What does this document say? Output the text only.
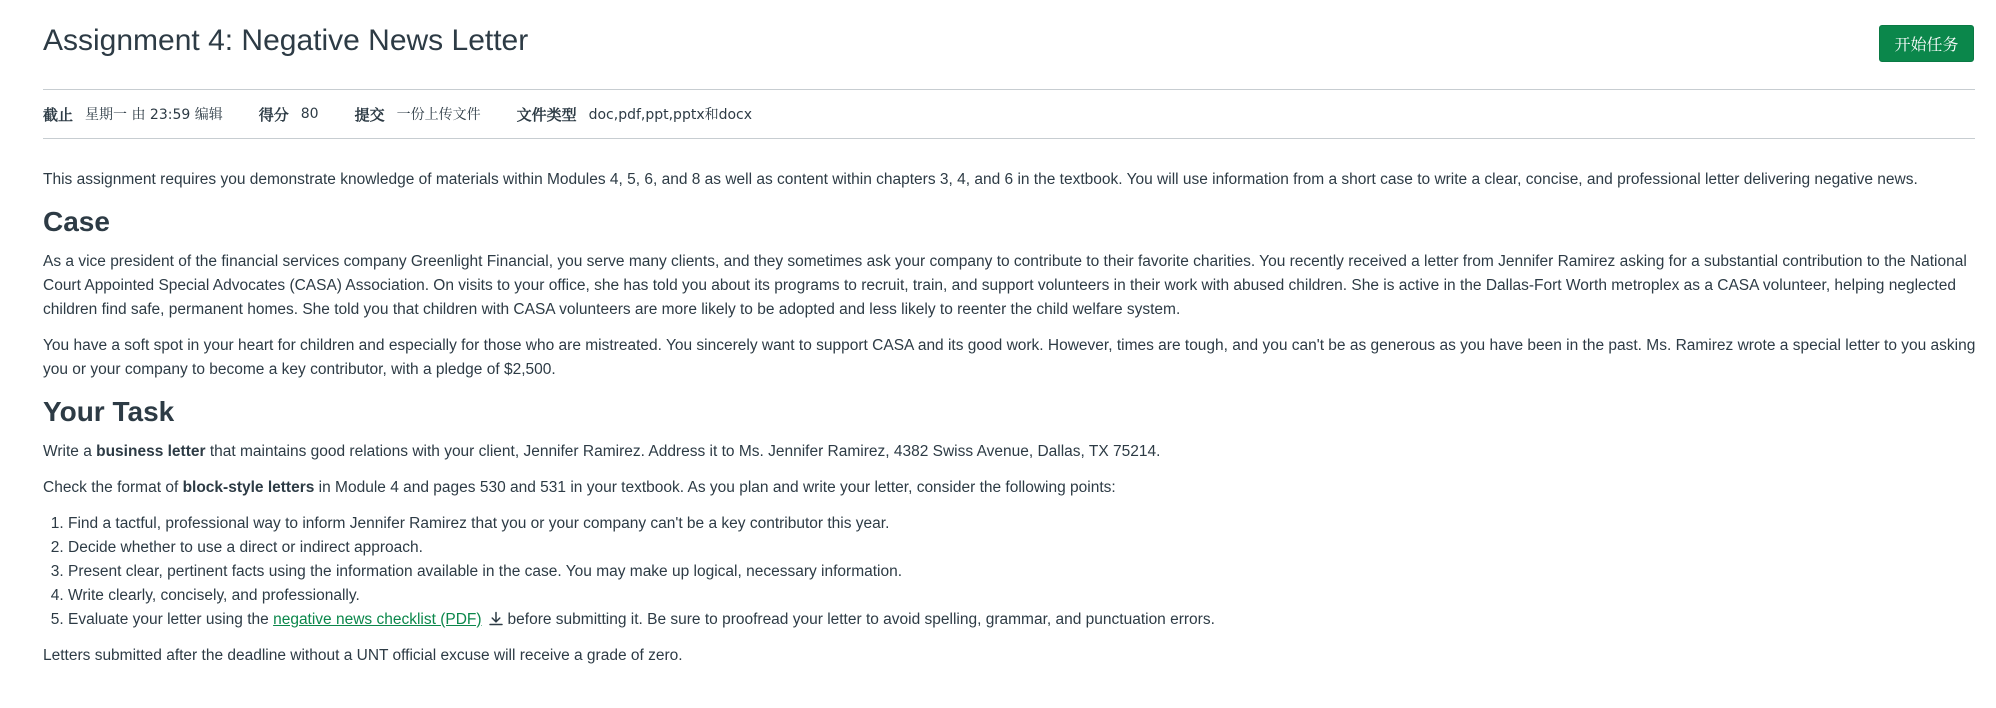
Assignment 4: Negative News Letter	开始任务
截止 星期一 由 23:59 编辑 得分 80 提交 一份上传文件 文件类型 doc,pdf,ppt,pptx和docx

This assignment requires you demonstrate knowledge of materials within Modules 4, 5, 6, and 8 as well as content within chapters 3, 4, and 6 in the textbook. You will use information from a short case to write a clear, concise, and professional letter delivering negative news.

Case

As a vice president of the financial services company Greenlight Financial, you serve many clients, and they sometimes ask your company to contribute to their favorite charities. You recently received a letter from Jennifer Ramirez asking for a substantial contribution to the National Court Appointed Special Advocates (CASA) Association. On visits to your office, she has told you about its programs to recruit, train, and support volunteers in their work with abused children. She is active in the Dallas-Fort Worth metroplex as a CASA volunteer, helping neglected children find safe, permanent homes. She told you that children with CASA volunteers are more likely to be adopted and less likely to reenter the child welfare system.

You have a soft spot in your heart for children and especially for those who are mistreated. You sincerely want to support CASA and its good work. However, times are tough, and you can't be as generous as you have been in the past. Ms. Ramirez wrote a special letter to you asking you or your company to become a key contributor, with a pledge of $2,500.

Your Task

Write a business letter that maintains good relations with your client, Jennifer Ramirez. Address it to Ms. Jennifer Ramirez, 4382 Swiss Avenue, Dallas, TX 75214.

Check the format of block-style letters in Module 4 and pages 530 and 531 in your textbook. As you plan and write your letter, consider the following points:

1. Find a tactful, professional way to inform Jennifer Ramirez that you or your company can't be a key contributor this year.
2. Decide whether to use a direct or indirect approach.
3. Present clear, pertinent facts using the information available in the case. You may make up logical, necessary information.
4. Write clearly, concisely, and professionally.
5. Evaluate your letter using the negative news checklist (PDF) before submitting it. Be sure to proofread your letter to avoid spelling, grammar, and punctuation errors.

Letters submitted after the deadline without a UNT official excuse will receive a grade of zero.
